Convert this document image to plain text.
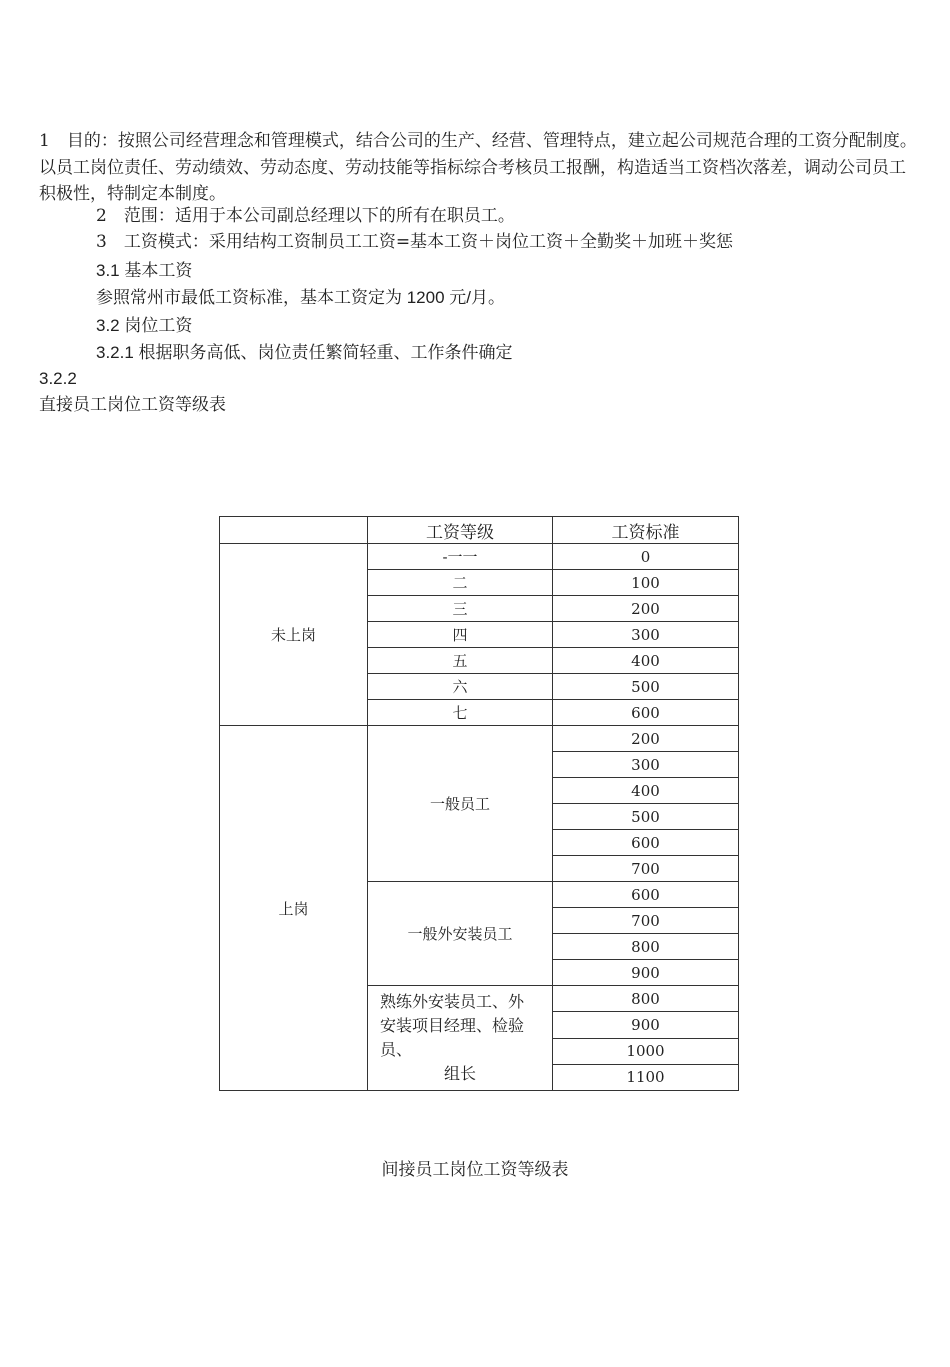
1　目的：按照公司经营理念和管理模式，结合公司的生产、经营、管理特点，建立起公司规范合理的工资分配制度。以员工岗位责任、劳动绩效、劳动态度、劳动技能等指标综合考核员工报酬，构造适当工资档次落差，调动公司员工积极性，特制定本制度。
2　范围：适用于本公司副总经理以下的所有在职员工。
3　工资模式：采用结构工资制员工工资=基本工资＋岗位工资＋全勤奖＋加班＋奖惩
3.1 基本工资
参照常州市最低工资标准，基本工资定为 1200 元/月。
3.2 岗位工资
3.2.1 根据职务高低、岗位责任繁简轻重、工作条件确定
3.2.2
直接员工岗位工资等级表
	工资等级	工资标准
未上岗	-一一	0
	二	100
	三	200
	四	300
	五	400
	六	500
	七	600
上岗	一般员工	200
		300
		400
		500
		600
		700
	一般外安装员工	600
		700
		800
		900
	熟练外安装员工、外
安装项目经理、检验
员、
组长	800
		900
		1000
		1100
间接员工岗位工资等级表
